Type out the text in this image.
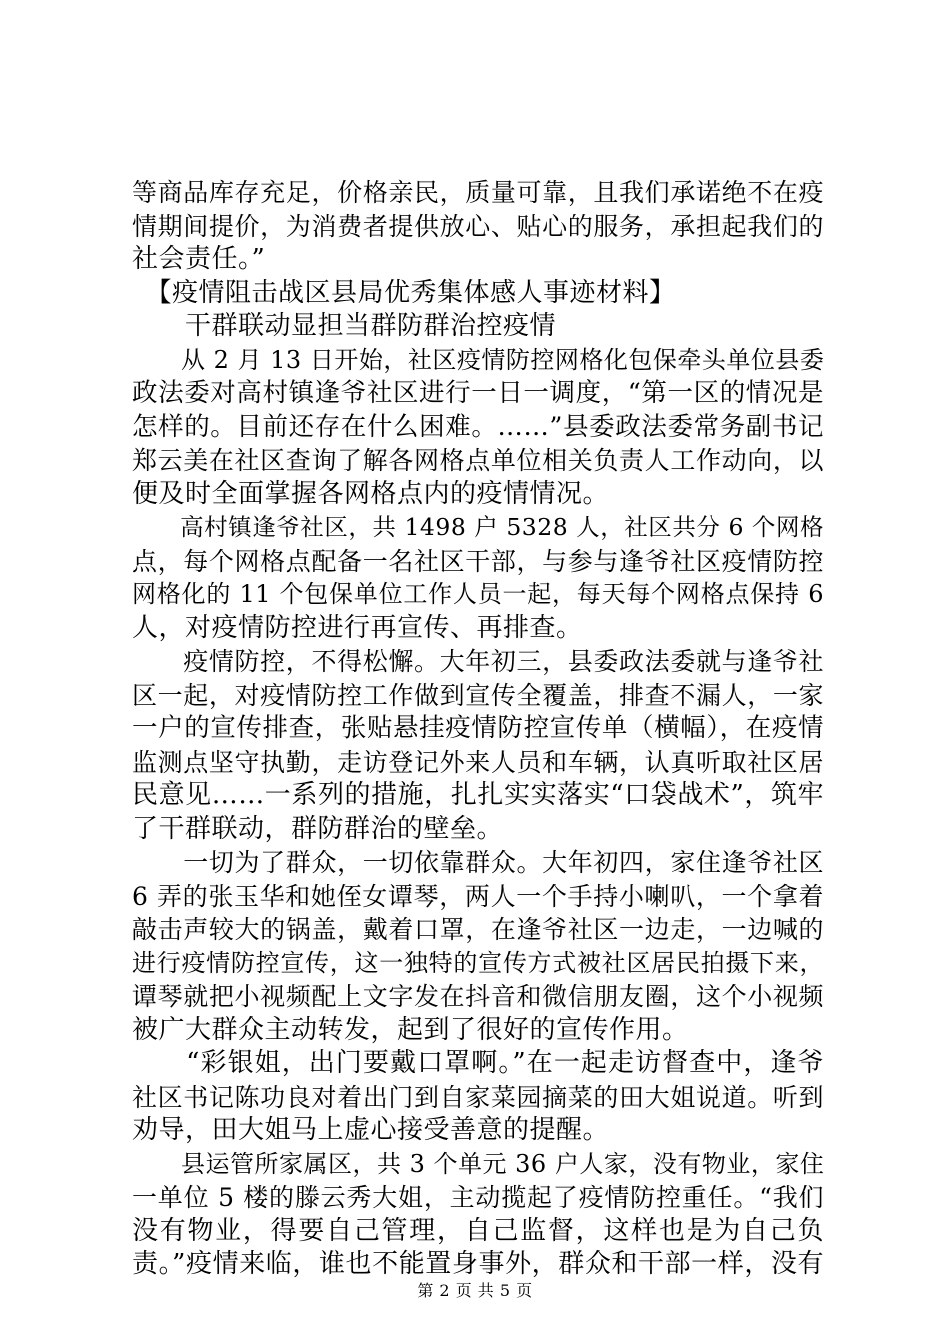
等商品库存充足，价格亲民，质量可靠，且我们承诺绝不在疫
情期间提价，为消费者提供放心、贴心的服务，承担起我们的
社会责任。”
　【疫情阻击战区县局优秀集体感人事迹材料】
　　干群联动显担当群防群治控疫情
　　从 2 月 13 日开始，社区疫情防控网格化包保牵头单位县委
政法委对高村镇逢爷社区进行一日一调度，“第一区的情况是
怎样的。目前还存在什么困难。……”县委政法委常务副书记
郑云美在社区查询了解各网格点单位相关负责人工作动向，以
便及时全面掌握各网格点内的疫情情况。
　　高村镇逢爷社区，共 1498 户 5328 人，社区共分 6 个网格
点，每个网格点配备一名社区干部，与参与逢爷社区疫情防控
网格化的 11 个包保单位工作人员一起，每天每个网格点保持 6
人，对疫情防控进行再宣传、再排查。
　　疫情防控，不得松懈。大年初三，县委政法委就与逢爷社
区一起，对疫情防控工作做到宣传全覆盖，排查不漏人，一家
一户的宣传排查，张贴悬挂疫情防控宣传单（横幅），在疫情
监测点坚守执勤，走访登记外来人员和车辆，认真听取社区居
民意见……一系列的措施，扎扎实实落实“口袋战术”，筑牢
了干群联动，群防群治的壁垒。
　　一切为了群众，一切依靠群众。大年初四，家住逢爷社区
6 弄的张玉华和她侄女谭琴，两人一个手持小喇叭，一个拿着
敲击声较大的锅盖，戴着口罩，在逢爷社区一边走，一边喊的
进行疫情防控宣传，这一独特的宣传方式被社区居民拍摄下来，
谭琴就把小视频配上文字发在抖音和微信朋友圈，这个小视频
被广大群众主动转发，起到了很好的宣传作用。
　　“彩银姐，出门要戴口罩啊。”在一起走访督查中，逢爷
社区书记陈功良对着出门到自家菜园摘菜的田大姐说道。听到
劝导，田大姐马上虚心接受善意的提醒。
　　县运管所家属区，共 3 个单元 36 户人家，没有物业，家住
一单位 5 楼的滕云秀大姐，主动揽起了疫情防控重任。“我们
没有物业，得要自己管理，自己监督，这样也是为自己负
责。”疫情来临，谁也不能置身事外，群众和干部一样，没有
第 2 页 共 5 页
